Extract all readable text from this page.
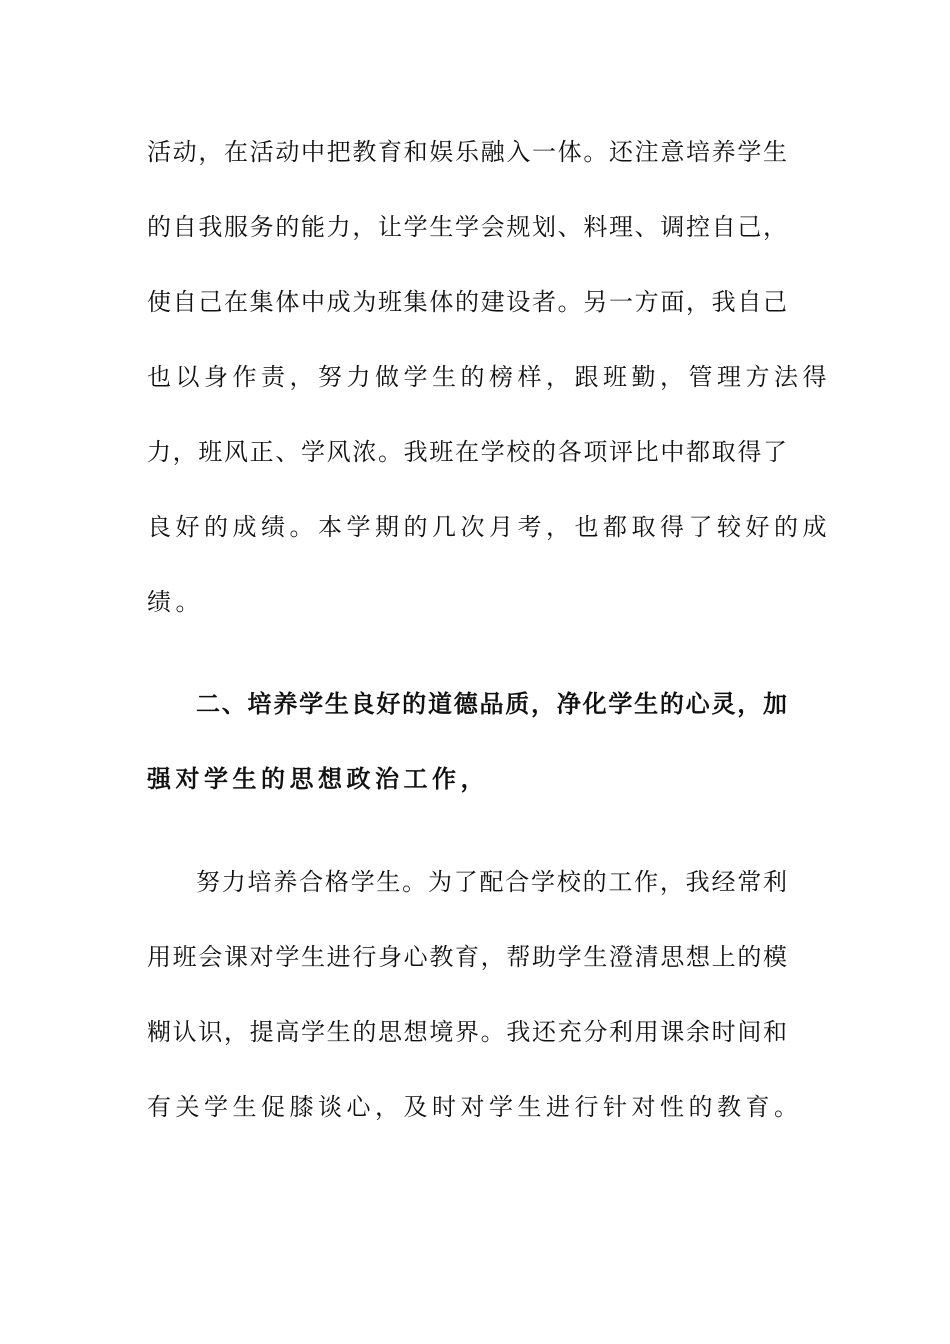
活动，在活动中把教育和娱乐融入一体。还注意培养学生
的自我服务的能力，让学生学会规划、料理、调控自己，
使自己在集体中成为班集体的建设者。另一方面，我自己
也以身作责，努力做学生的榜样，跟班勤，管理方法得
力，班风正、学风浓。我班在学校的各项评比中都取得了
良好的成绩。本学期的几次月考，也都取得了较好的成
绩。
二、培养学生良好的道德品质，净化学生的心灵，加
强对学生的思想政治工作，
努力培养合格学生。为了配合学校的工作，我经常利
用班会课对学生进行身心教育，帮助学生澄清思想上的模
糊认识，提高学生的思想境界。我还充分利用课余时间和
有关学生促膝谈心，及时对学生进行针对性的教育。
